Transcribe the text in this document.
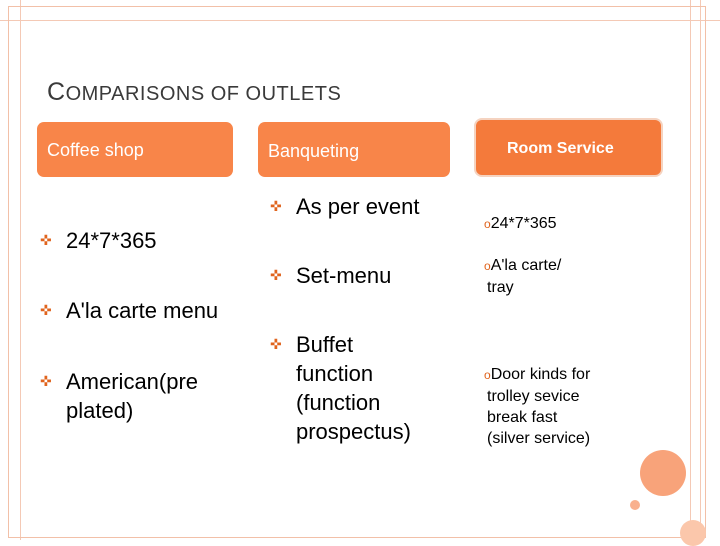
COMPARISONS OF OUTLETS
Coffee shop	Banqueting	Room Service
✜ 24*7*365
✜ A'la carte menu
✜ American(pre
plated)
✜ As per event
✜ Set-menu
✜ Buffet
function
(function
prospectus)

o24*7*365

oA'la carte/
tray

oDoor kinds for
trolley sevice
break fast
(silver service)
